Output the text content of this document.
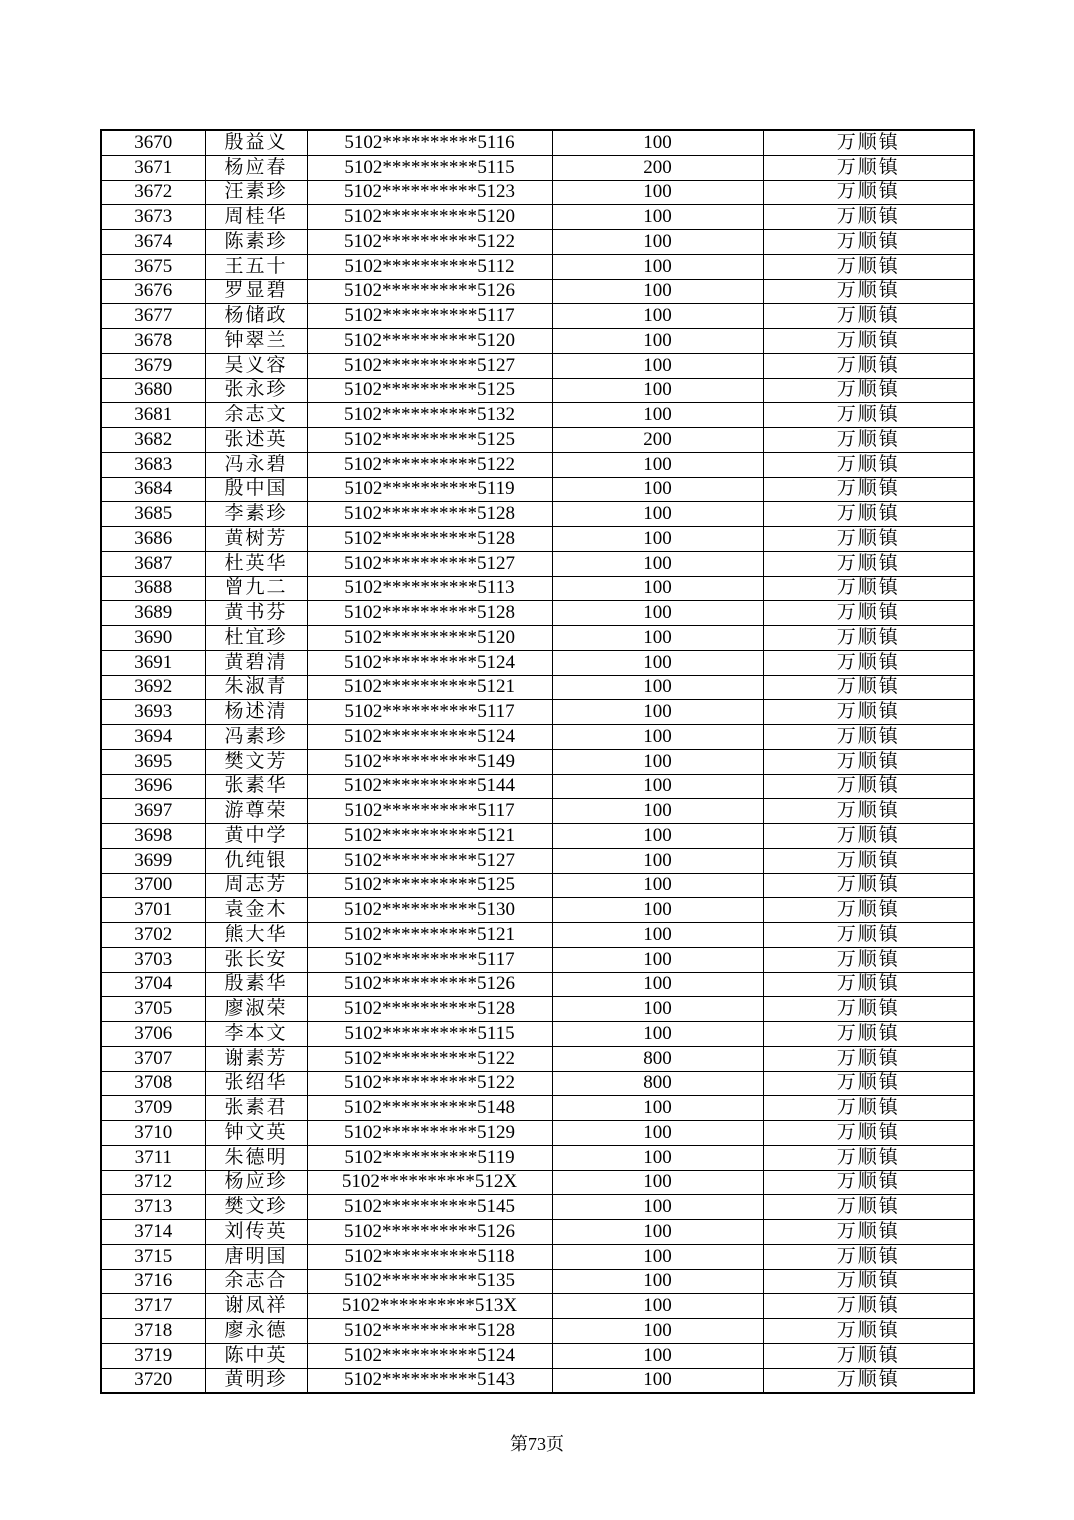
3670	殷益义	5102**********5116	100	万顺镇
3671	杨应春	5102**********5115	200	万顺镇
3672	汪素珍	5102**********5123	100	万顺镇
3673	周桂华	5102**********5120	100	万顺镇
3674	陈素珍	5102**********5122	100	万顺镇
3675	王五十	5102**********5112	100	万顺镇
3676	罗显碧	5102**********5126	100	万顺镇
3677	杨储政	5102**********5117	100	万顺镇
3678	钟翠兰	5102**********5120	100	万顺镇
3679	吴义容	5102**********5127	100	万顺镇
3680	张永珍	5102**********5125	100	万顺镇
3681	余志文	5102**********5132	100	万顺镇
3682	张述英	5102**********5125	200	万顺镇
3683	冯永碧	5102**********5122	100	万顺镇
3684	殷中国	5102**********5119	100	万顺镇
3685	李素珍	5102**********5128	100	万顺镇
3686	黄树芳	5102**********5128	100	万顺镇
3687	杜英华	5102**********5127	100	万顺镇
3688	曾九二	5102**********5113	100	万顺镇
3689	黄书芬	5102**********5128	100	万顺镇
3690	杜宜珍	5102**********5120	100	万顺镇
3691	黄碧清	5102**********5124	100	万顺镇
3692	朱淑青	5102**********5121	100	万顺镇
3693	杨述清	5102**********5117	100	万顺镇
3694	冯素珍	5102**********5124	100	万顺镇
3695	樊文芳	5102**********5149	100	万顺镇
3696	张素华	5102**********5144	100	万顺镇
3697	游尊荣	5102**********5117	100	万顺镇
3698	黄中学	5102**********5121	100	万顺镇
3699	仇纯银	5102**********5127	100	万顺镇
3700	周志芳	5102**********5125	100	万顺镇
3701	袁金木	5102**********5130	100	万顺镇
3702	熊大华	5102**********5121	100	万顺镇
3703	张长安	5102**********5117	100	万顺镇
3704	殷素华	5102**********5126	100	万顺镇
3705	廖淑荣	5102**********5128	100	万顺镇
3706	李本文	5102**********5115	100	万顺镇
3707	谢素芳	5102**********5122	800	万顺镇
3708	张绍华	5102**********5122	800	万顺镇
3709	张素君	5102**********5148	100	万顺镇
3710	钟文英	5102**********5129	100	万顺镇
3711	朱德明	5102**********5119	100	万顺镇
3712	杨应珍	5102**********512X	100	万顺镇
3713	樊文珍	5102**********5145	100	万顺镇
3714	刘传英	5102**********5126	100	万顺镇
3715	唐明国	5102**********5118	100	万顺镇
3716	余志合	5102**********5135	100	万顺镇
3717	谢凤祥	5102**********513X	100	万顺镇
3718	廖永德	5102**********5128	100	万顺镇
3719	陈中英	5102**********5124	100	万顺镇
3720	黄明珍	5102**********5143	100	万顺镇
第73页
